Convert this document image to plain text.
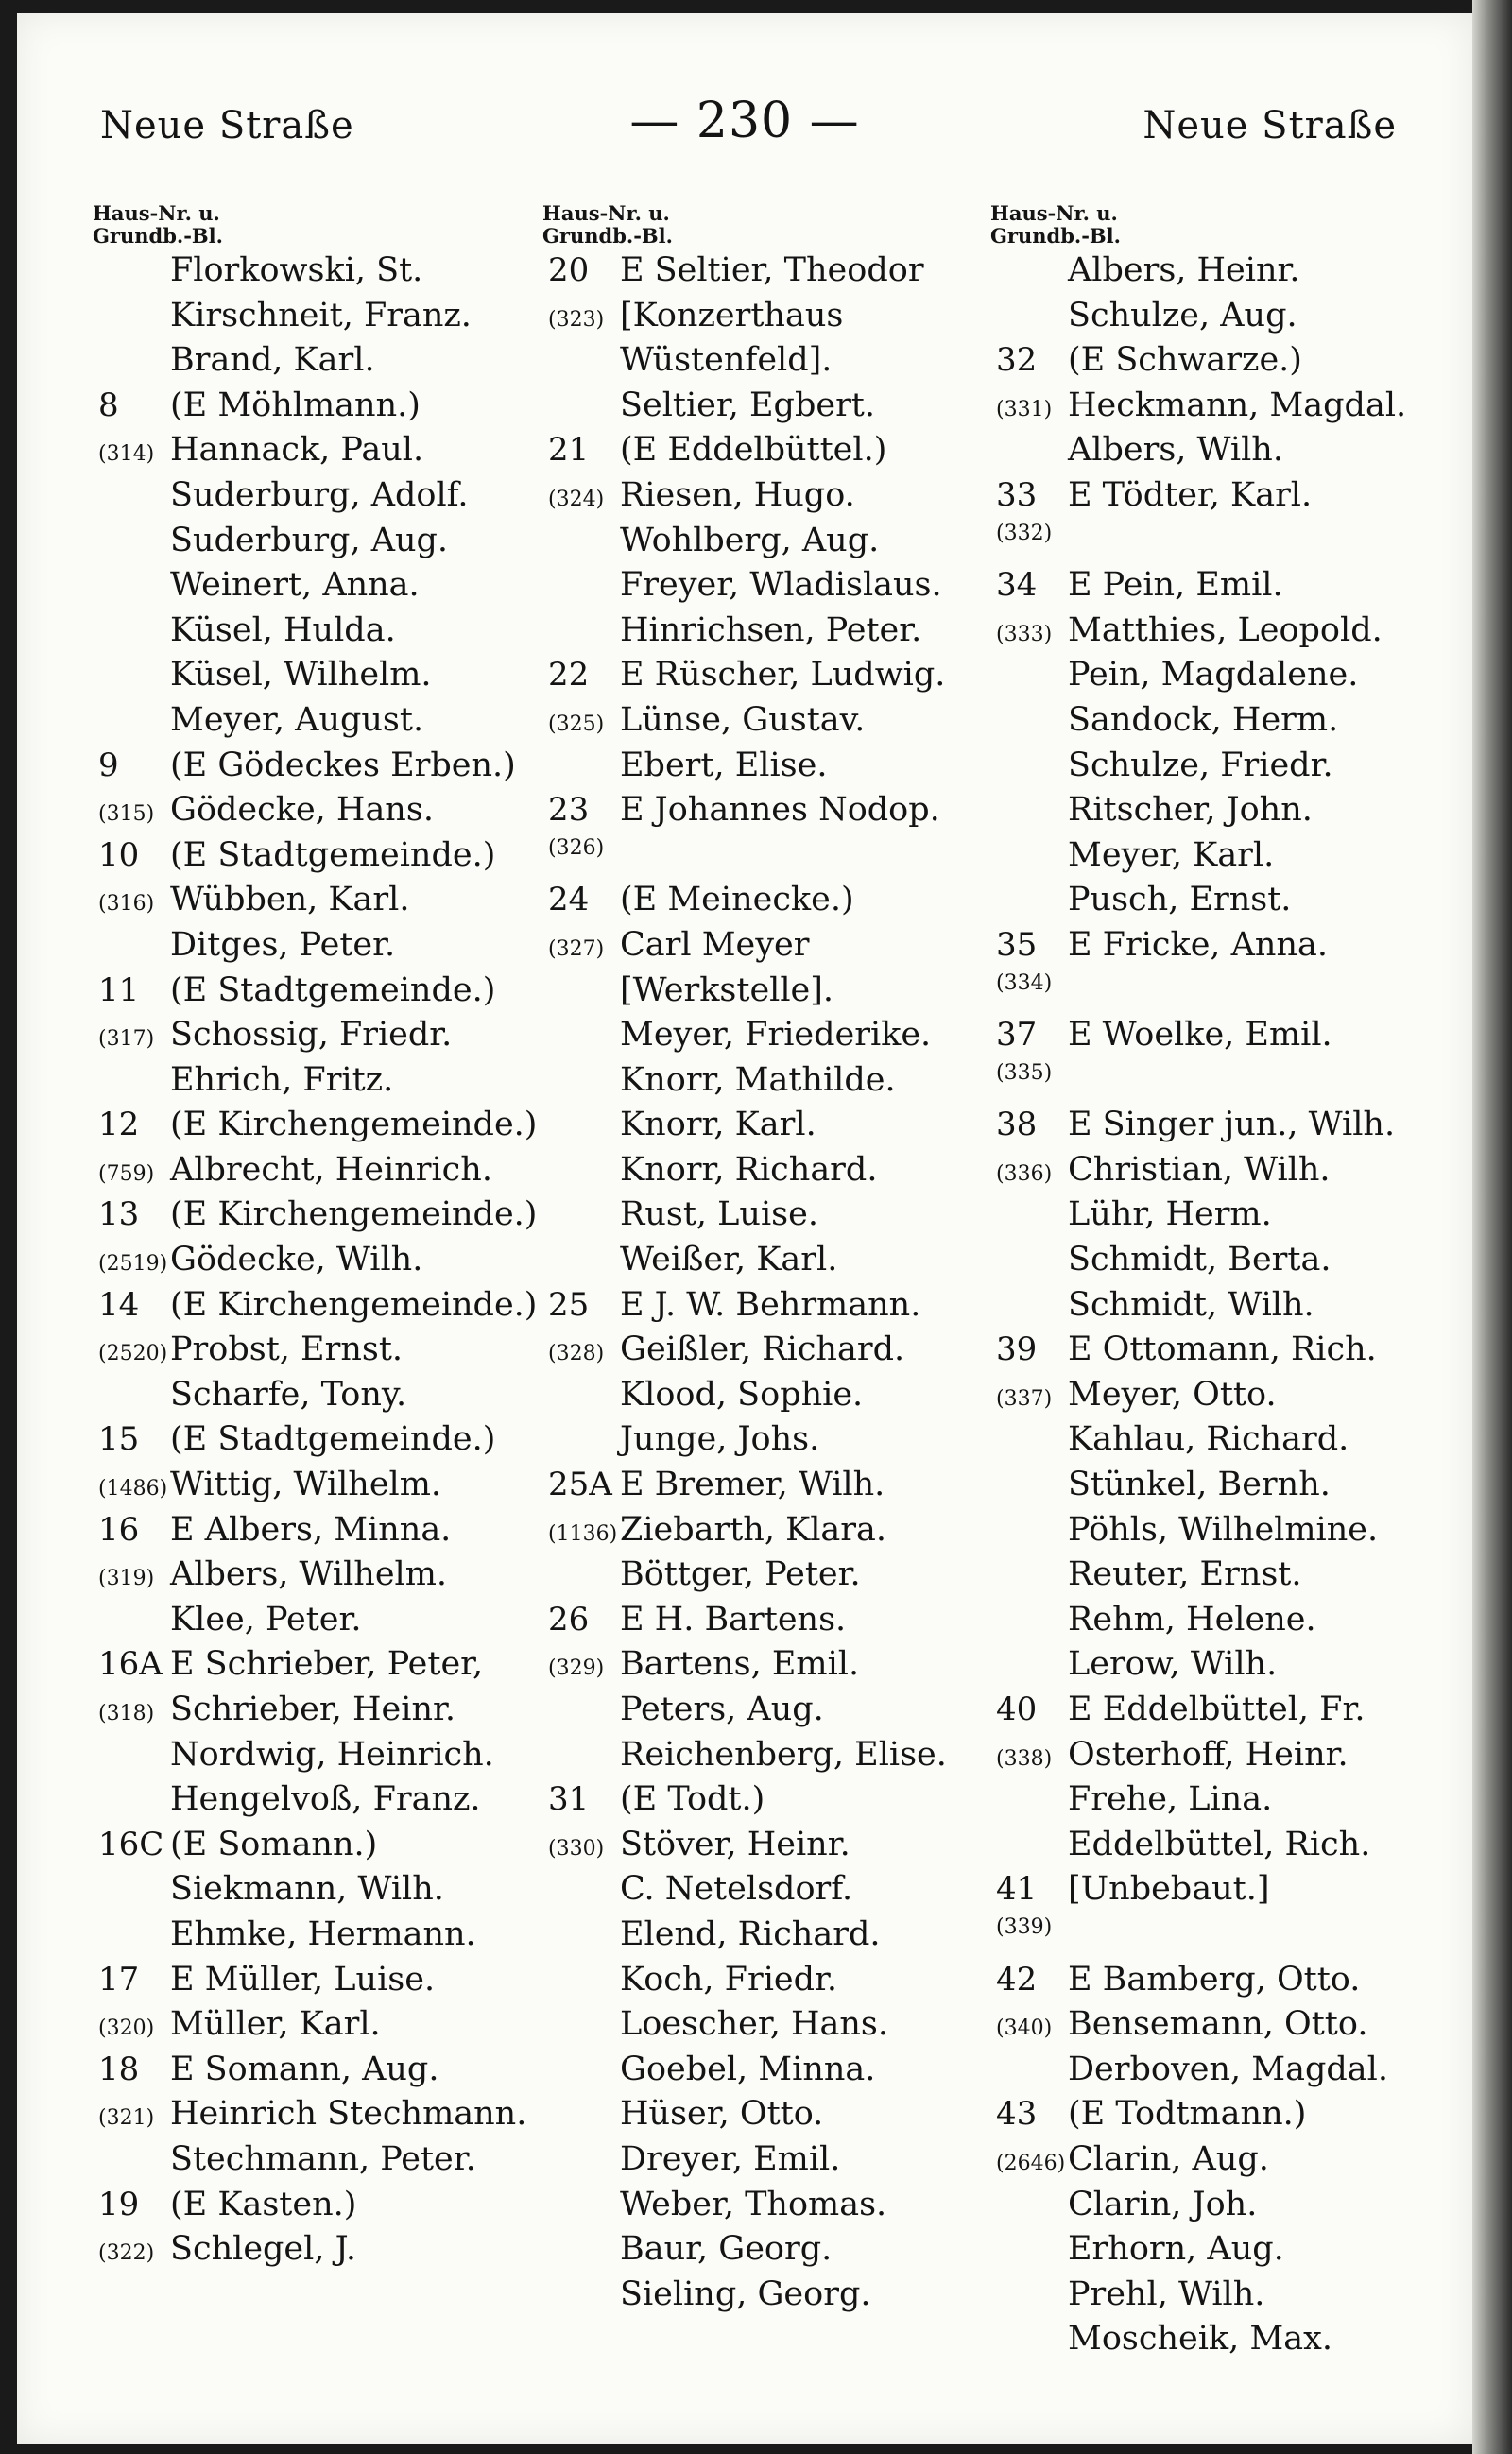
Neue Straße	— 230 —	Neue Straße
Haus-Nr. u.
Grundb.-Bl.
Florkowski, St.
Kirschneit, Franz.
Brand, Karl.
8	(E Möhlmann.)
(314) Hannack, Paul.
Suderburg, Adolf.
Suderburg, Aug.
Weinert, Anna.
Küsel, Hulda.
Küsel, Wilhelm.
Meyer, August.
9	(E Gödeckes Erben.)
(315) Gödecke, Hans.
10 (E Stadtgemeinde.)
(316) Wübben, Karl.
Ditges, Peter.
11 (E Stadtgemeinde.)
(317) Schossig, Friedr.
Ehrich, Fritz.
12 (E Kirchengemeinde.)
(759) Albrecht, Heinrich.
13 (E Kirchengemeinde.)
(2519) Gödecke, Wilh.
14 (E Kirchengemeinde.)
(2520) Probst, Ernst.
Scharfe, Tony.
15 (E Stadtgemeinde.)
(1486) Wittig, Wilhelm.
16 E Albers, Minna.
(319) Albers, Wilhelm.
Klee, Peter.
16A E Schrieber, Peter,
(318) Schrieber, Heinr.
Nordwig, Heinrich.
Hengelvoß, Franz.
16C (E Somann.)
Siekmann, Wilh.
Ehmke, Hermann.
17 E Müller, Luise.
(320) Müller, Karl.
18 E Somann, Aug.
(321) Heinrich Stechmann.
Stechmann, Peter.
19 (E Kasten.)
(322) Schlegel, J.
Haus-Nr. u.
Grundb.-Bl.
20 E Seltier, Theodor
(323) [Konzerthaus
Wüstenfeld].
Seltier, Egbert.
21 (E Eddelbüttel.)
(324) Riesen, Hugo.
Wohlberg, Aug.
Freyer, Wladislaus.
Hinrichsen, Peter.
22 E Rüscher, Ludwig.
(325) Lünse, Gustav.
Ebert, Elise.
23 E Johannes Nodop.
(326)
24 (E Meinecke.)
(327) Carl Meyer
[Werkstelle].
Meyer, Friederike.
Knorr, Mathilde.
Knorr, Karl.
Knorr, Richard.
Rust, Luise.
Weißer, Karl.
25 E J. W. Behrmann.
(328) Geißler, Richard.
Klood, Sophie.
Junge, Johs.
25A E Bremer, Wilh.
(1136) Ziebarth, Klara.
Böttger, Peter.
26 E H. Bartens.
(329) Bartens, Emil.
Peters, Aug.
Reichenberg, Elise.
31 (E Todt.)
(330) Stöver, Heinr.
C. Netelsdorf.
Elend, Richard.
Koch, Friedr.
Loescher, Hans.
Goebel, Minna.
Hüser, Otto.
Dreyer, Emil.
Weber, Thomas.
Baur, Georg.
Sieling, Georg.
Haus-Nr. u.
Grundb.-Bl.
Albers, Heinr.
Schulze, Aug.
32 (E Schwarze.)
(331) Heckmann, Magdal.
Albers, Wilh.
33 E Tödter, Karl.
(332)
34 E Pein, Emil.
(333) Matthies, Leopold.
Pein, Magdalene.
Sandock, Herm.
Schulze, Friedr.
Ritscher, John.
Meyer, Karl.
Pusch, Ernst.
35 E Fricke, Anna.
(334)
37 E Woelke, Emil.
(335)
38 E Singer jun., Wilh.
(336) Christian, Wilh.
Lühr, Herm.
Schmidt, Berta.
Schmidt, Wilh.
39 E Ottomann, Rich.
(337) Meyer, Otto.
Kahlau, Richard.
Stünkel, Bernh.
Pöhls, Wilhelmine.
Reuter, Ernst.
Rehm, Helene.
Lerow, Wilh.
40 E Eddelbüttel, Fr.
(338) Osterhoff, Heinr.
Frehe, Lina.
Eddelbüttel, Rich.
41 [Unbebaut.]
(339)
42 E Bamberg, Otto.
(340) Bensemann, Otto.
Derboven, Magdal.
43 (E Todtmann.)
(2646) Clarin, Aug.
Clarin, Joh.
Erhorn, Aug.
Prehl, Wilh.
Moscheik, Max.
